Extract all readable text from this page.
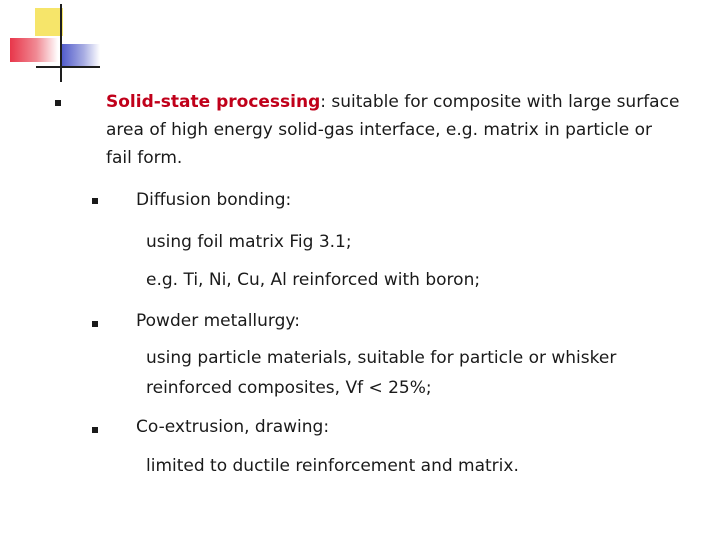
Solid-state processing: suitable for composite with large surface
area of high energy solid-gas interface, e.g. matrix in particle or
fail form.
Diffusion bonding:
using foil matrix Fig 3.1;
e.g. Ti, Ni, Cu, Al reinforced with boron;
Powder metallurgy:
using particle materials, suitable for particle or whisker
reinforced composites, Vf < 25%;
Co-extrusion, drawing:
limited to ductile reinforcement and matrix.
